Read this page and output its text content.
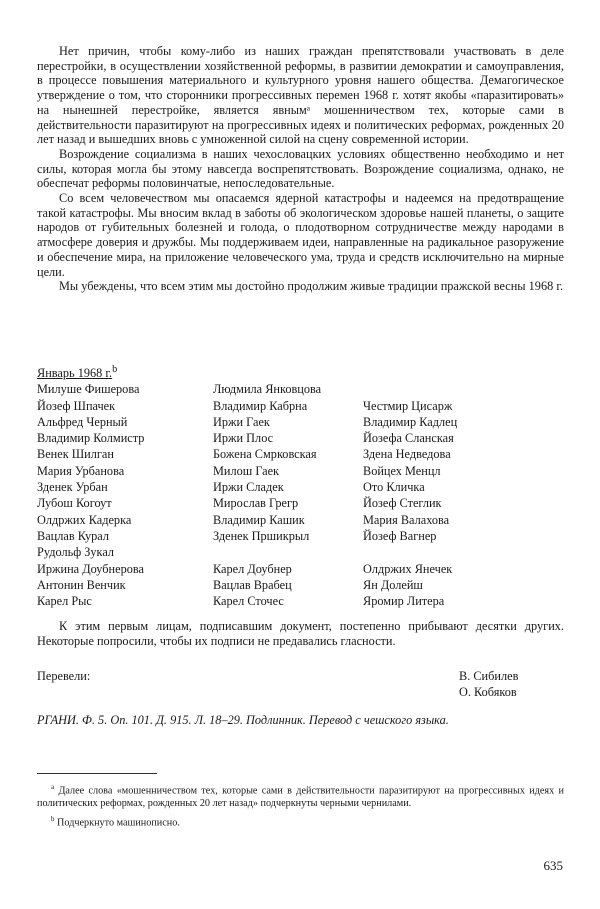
Нет причин, чтобы кому-либо из наших граждан препятствовали участвовать в деле перестройки, в осуществлении хозяйственной реформы, в развитии демократии и самоуправления, в процессе повышения материального и культурного уровня нашего общества. Демагогическое утверждение о том, что сторонники прогрессивных перемен 1968 г. хотят якобы «паразитировать» на нынешней перестройке, является явнымᵃ мошенничеством тех, которые сами в действительности паразитируют на прогрессивных идеях и политических реформах, рожденных 20 лет назад и вышедших вновь с умноженной силой на сцену современной истории.

Возрождение социализма в наших чехословацких условиях общественно необходимо и нет силы, которая могла бы этому навсегда воспрепятствовать. Возрождение социализма, однако, не обеспечат реформы половинчатые, непоследовательные.

Со всем человечеством мы опасаемся ядерной катастрофы и надеемся на предотвращение такой катастрофы. Мы вносим вклад в заботы об экологическом здоровье нашей планеты, о защите народов от губительных болезней и голода, о плодотворном сотрудничестве между народами в атмосфере доверия и дружбы. Мы поддерживаем идеи, направленные на радикальное разоружение и обеспечение мира, на приложение человеческого ума, труда и средств исключительно на мирные цели.

Мы убеждены, что всем этим мы достойно продолжим живые традиции пражской весны 1968 г.

Январь 1968 г.$^b$
Милуше Фишерова
Йозеф Шпачек
Альфред Черный
Владимир Колмистр
Венек Шилган
Мария Урбанова
Зденек Урбан
Лубош Когоут
Олдржих Кадерка
Вацлав Курал
Рудольф Зукал
Иржина Доубнерова
Антонин Венчик
Карел Рыс
Людмила Янковцова
Владимир Кабрна
Иржи Гаек
Иржи Плос
Божена Смрковская
Милош Гаек
Иржи Сладек
Мирослав Грегр
Владимир Кашик
Зденек Пршикрыл
Карел Доубнер
Вацлав Врабец
Карел Сточес
Честмир Цисарж
Владимир Кадлец
Йозефа Сланская
Здена Недведова
Войцех Менцл
Ото Кличка
Йозеф Стеглик
Мария Валахова
Йозеф Вагнер
Олдржих Янечек
Ян Долейш
Яромир Литера
К этим первым лицам, подписавшим документ, постепенно прибывают десятки других. Некоторые попросили, чтобы их подписи не предавались гласности.
Перевели:	В. Сибилев
О. Кобяков
РГАНИ. Ф. 5. Оп. 101. Д. 915. Л. 18–29. Подлинник. Перевод с чешского языка.

$^a$ Далее слова «мошенничеством тех, которые сами в действительности паразитируют на прогрессивных идеях и политических реформах, рожденных 20 лет назад» подчеркнуты черными чернилами.

$^b$ Подчеркнуто машинописно.

635
